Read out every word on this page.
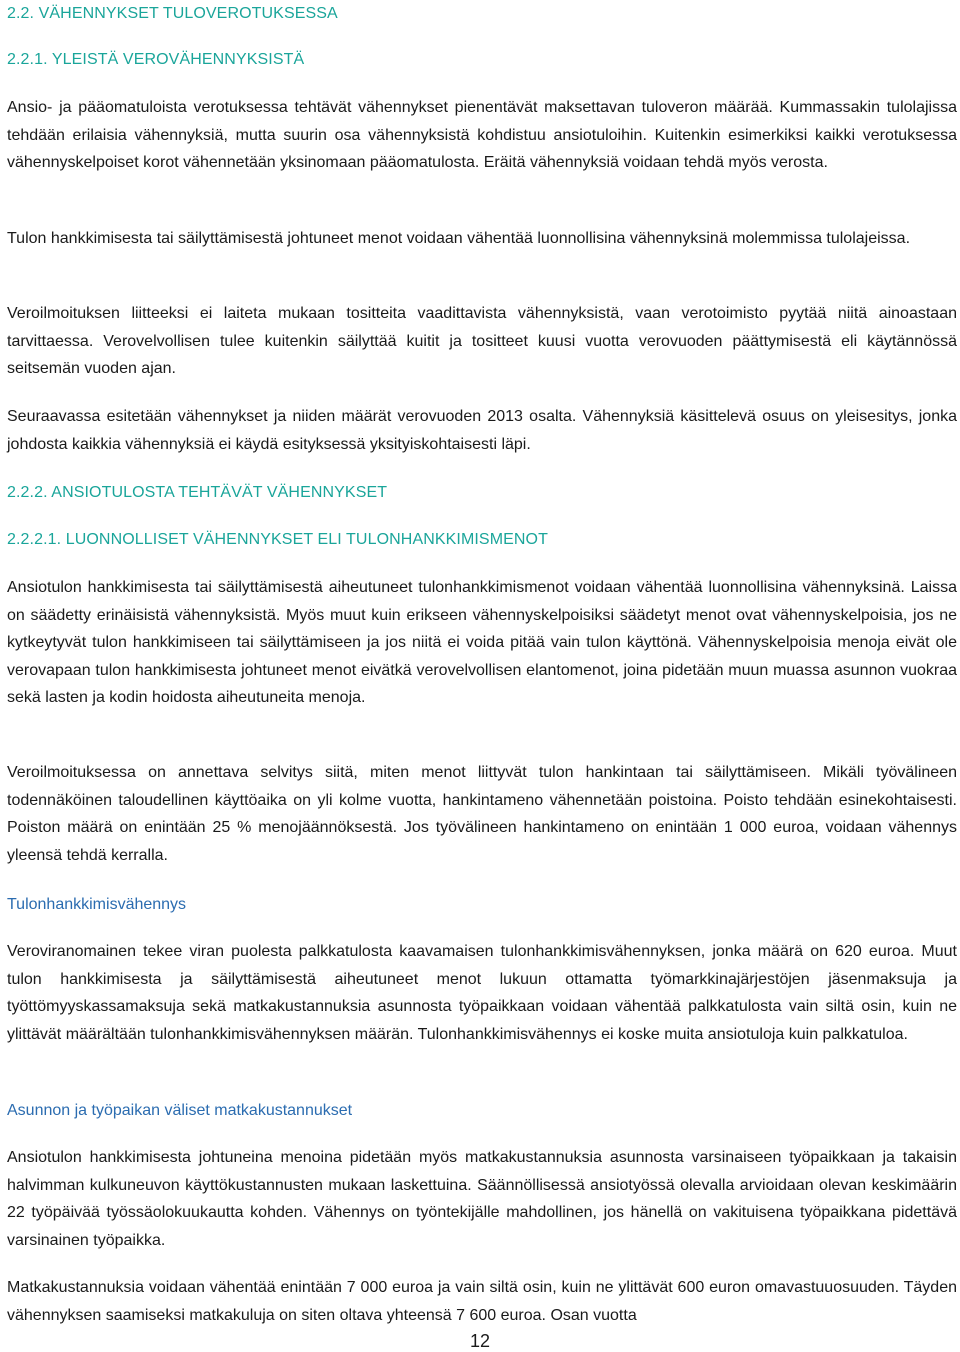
2.2. VÄHENNYKSET TULOVEROTUKSESSA
2.2.1. YLEISTÄ VEROVÄHENNYKSISTÄ

Ansio- ja pääomatuloista verotuksessa tehtävät vähennykset pienentävät maksettavan tuloveron määrää. Kummassakin tulolajissa tehdään erilaisia vähennyksiä, mutta suurin osa vähennyksistä kohdistuu ansiotuloihin. Kuitenkin esimerkiksi kaikki verotuksessa vähennyskelpoiset korot vähennetään yksinomaan pääomatulosta. Eräitä vähennyksiä voidaan tehdä myös verosta.

Tulon hankkimisesta tai säilyttämisestä johtuneet menot voidaan vähentää luonnollisina vähennyksinä molemmissa tulolajeissa.

Veroilmoituksen liitteeksi ei laiteta mukaan tositteita vaadittavista vähennyksistä, vaan verotoimisto pyytää niitä ainoastaan tarvittaessa. Verovelvollisen tulee kuitenkin säilyttää kuitit ja tositteet kuusi vuotta verovuoden päättymisestä eli käytännössä seitsemän vuoden ajan.

Seuraavassa esitetään vähennykset ja niiden määrät verovuoden 2013 osalta. Vähennyksiä käsittelevä osuus on yleisesitys, jonka johdosta kaikkia vähennyksiä ei käydä esityksessä yksityiskohtaisesti läpi.

2.2.2. ANSIOTULOSTA TEHTÄVÄT VÄHENNYKSET
2.2.2.1. LUONNOLLISET VÄHENNYKSET ELI TULONHANKKIMISMENOT

Ansiotulon hankkimisesta tai säilyttämisestä aiheutuneet tulonhankkimismenot voidaan vähentää luonnollisina vähennyksinä. Laissa on säädetty erinäisistä vähennyksistä. Myös muut kuin erikseen vähennyskelpoisiksi säädetyt menot ovat vähennyskelpoisia, jos ne kytkeytyvät tulon hankkimiseen tai säilyttämiseen ja jos niitä ei voida pitää vain tulon käyttönä. Vähennyskelpoisia menoja eivät ole verovapaan tulon hankkimisesta johtuneet menot eivätkä verovelvollisen elantomenot, joina pidetään muun muassa asunnon vuokraa sekä lasten ja kodin hoidosta aiheutuneita menoja.

Veroilmoituksessa on annettava selvitys siitä, miten menot liittyvät tulon hankintaan tai säilyttämiseen. Mikäli työvälineen todennäköinen taloudellinen käyttöaika on yli kolme vuotta, hankintameno vähennetään poistoina. Poisto tehdään esinekohtaisesti. Poiston määrä on enintään 25 % menojäännöksestä. Jos työvälineen hankintameno on enintään 1 000 euroa, voidaan vähennys yleensä tehdä kerralla.

Tulonhankkimisvähennys

Veroviranomainen tekee viran puolesta palkkatulosta kaavamaisen tulonhankkimisvähennyksen, jonka määrä on 620 euroa. Muut tulon hankkimisesta ja säilyttämisestä aiheutuneet menot lukuun ottamatta työmarkkinajärjestöjen jäsenmaksuja ja työttömyyskassamaksuja sekä matkakustannuksia asunnosta työpaikkaan voidaan vähentää palkkatulosta vain siltä osin, kuin ne ylittävät määrältään tulonhankkimisvähennyksen määrän. Tulonhankkimisvähennys ei koske muita ansiotuloja kuin palkkatuloa.

Asunnon ja työpaikan väliset matkakustannukset

Ansiotulon hankkimisesta johtuneina menoina pidetään myös matkakustannuksia asunnosta varsinaiseen työpaikkaan ja takaisin halvimman kulkuneuvon käyttökustannusten mukaan laskettuina. Säännöllisessä ansiotyössä olevalla arvioidaan olevan keskimäärin 22 työpäivää työssäolokuukautta kohden. Vähennys on työntekijälle mahdollinen, jos hänellä on vakituisena työpaikkana pidettävä varsinainen työpaikka.

Matkakustannuksia voidaan vähentää enintään 7 000 euroa ja vain siltä osin, kuin ne ylittävät 600 euron omavastuuosuuden. Täyden vähennyksen saamiseksi matkakuluja on siten oltava yhteensä 7 600 euroa. Osan vuotta

12
